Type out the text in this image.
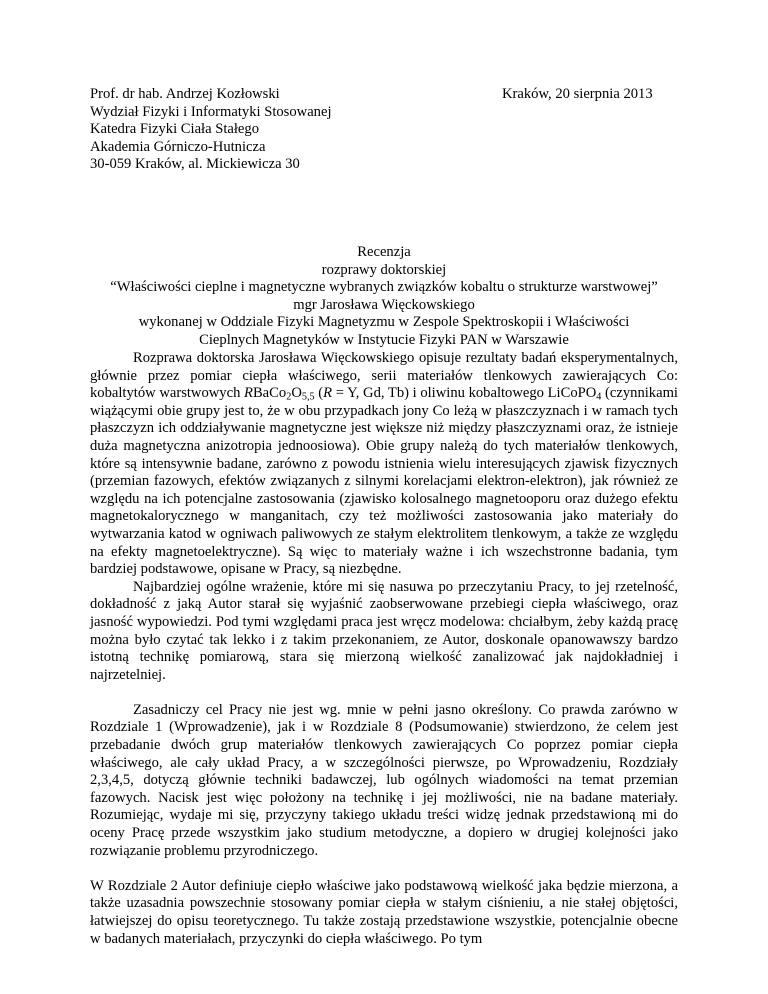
Prof. dr hab. Andrzej Kozłowski
Wydział Fizyki i Informatyki Stosowanej
Katedra Fizyki Ciała Stałego
Akademia Górniczo-Hutnicza
30-059 Kraków, al. Mickiewicza 30
Kraków, 20 sierpnia 2013
Recenzja
rozprawy doktorskiej
“Właściwości cieplne i magnetyczne wybranych związków kobaltu o strukturze warstwowej”
mgr Jarosława Więckowskiego
wykonanej w Oddziale Fizyki Magnetyzmu w Zespole Spektroskopii i Właściwości
Cieplnych Magnetyków w Instytucie Fizyki PAN w Warszawie

Rozprawa doktorska Jarosława Więckowskiego opisuje rezultaty badań eksperymentalnych, głównie przez pomiar ciepła właściwego, serii materiałów tlenkowych zawierających Co: kobaltytów warstwowych $RBaCo_2O_{5,5}$ (R = Y, Gd, Tb) i oliwinu kobaltowego LiCoPO$_4$ (czynnikami wiążącymi obie grupy jest to, że w obu przypadkach jony Co leżą w płaszczyznach i w ramach tych płaszczyzn ich oddziaływanie magnetyczne jest większe niż między płaszczyznami oraz, że istnieje duża magnetyczna anizotropia jednoosiowa). Obie grupy należą do tych materiałów tlenkowych, które są intensywnie badane, zarówno z powodu istnienia wielu interesujących zjawisk fizycznych (przemian fazowych, efektów związanych z silnymi korelacjami elektron-elektron), jak również ze względu na ich potencjalne zastosowania (zjawisko kolosalnego magnetooporu oraz dużego efektu magnetokalorycznego w manganitach, czy też możliwości zastosowania jako materiały do wytwarzania katod w ogniwach paliwowych ze stałym elektrolitem tlenkowym, a także ze względu na efekty magnetoelektryczne). Są więc to materiały ważne i ich wszechstronne badania, tym bardziej podstawowe, opisane w Pracy, są niezbędne.

Najbardziej ogólne wrażenie, które mi się nasuwa po przeczytaniu Pracy, to jej rzetelność, dokładność z jaką Autor starał się wyjaśnić zaobserwowane przebiegi ciepła właściwego, oraz jasność wypowiedzi. Pod tymi względami praca jest wręcz modelowa: chciałbym, żeby każdą pracę można było czytać tak lekko i z takim przekonaniem, ze Autor, doskonale opanowawszy bardzo istotną technikę pomiarową, stara się mierzoną wielkość zanalizować jak najdokładniej i najrzetelniej.

Zasadniczy cel Pracy nie jest wg. mnie w pełni jasno określony. Co prawda zarówno w Rozdziale 1 (Wprowadzenie), jak i w Rozdziale 8 (Podsumowanie) stwierdzono, że celem jest przebadanie dwóch grup materiałów tlenkowych zawierających Co poprzez pomiar ciepła właściwego, ale cały układ Pracy, a w szczególności pierwsze, po Wprowadzeniu, Rozdziały 2,3,4,5, dotyczą głównie techniki badawczej, lub ogólnych wiadomości na temat przemian fazowych. Nacisk jest więc położony na technikę i jej możliwości, nie na badane materiały. Rozumiejąc, wydaje mi się, przyczyny takiego układu treści widzę jednak przedstawioną mi do oceny Pracę przede wszystkim jako studium metodyczne, a dopiero w drugiej kolejności jako rozwiązanie problemu przyrodniczego.

W Rozdziale 2 Autor definiuje ciepło właściwe jako podstawową wielkość jaka będzie mierzona, a także uzasadnia powszechnie stosowany pomiar ciepła w stałym ciśnieniu, a nie stałej objętości, łatwiejszej do opisu teoretycznego. Tu także zostają przedstawione wszystkie, potencjalnie obecne w badanych materiałach, przyczynki do ciepła właściwego. Po tym
